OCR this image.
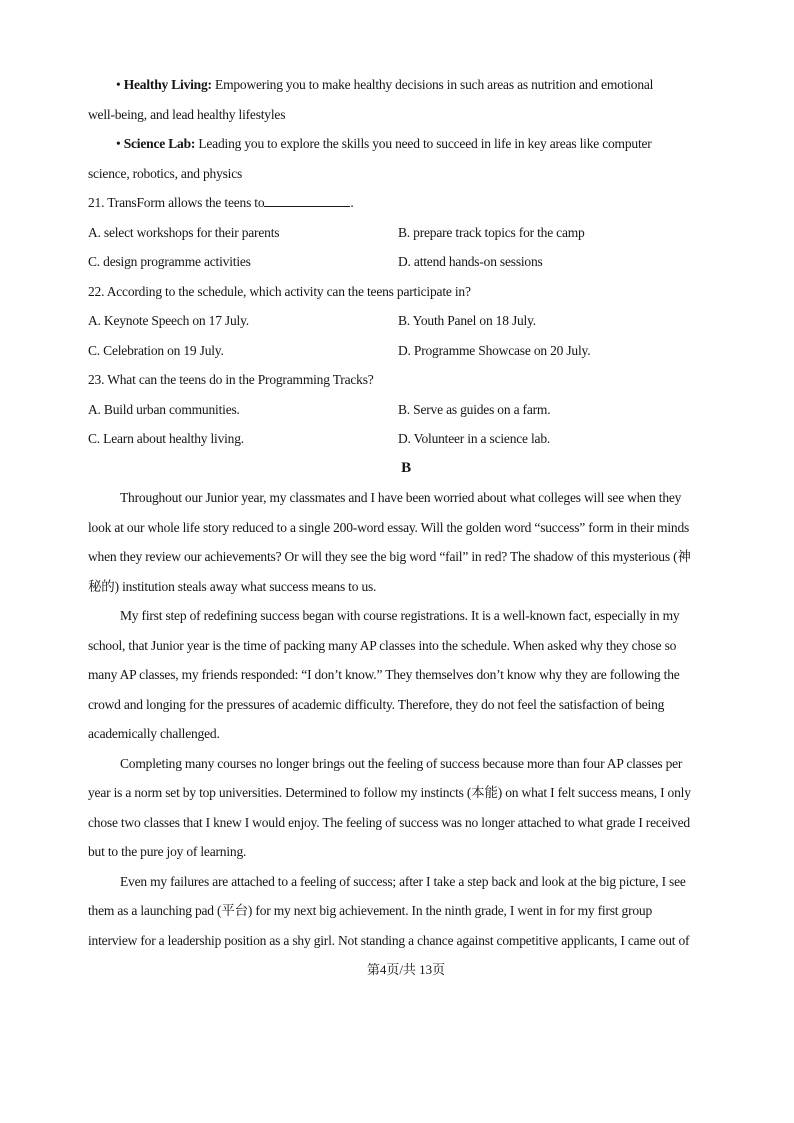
• Healthy Living: Empowering you to make healthy decisions in such areas as nutrition and emotional
well-being, and lead healthy lifestyles
• Science Lab: Leading you to explore the skills you need to succeed in life in key areas like computer
science, robotics, and physics
21. TransForm allows the teens to	.
A. select workshops for their parents	B. prepare track topics for the camp
C. design programme activities	D. attend hands-on sessions
22. According to the schedule, which activity can the teens participate in?
A. Keynote Speech on 17 July.	B. Youth Panel on 18 July.
C. Celebration on 19 July.	D. Programme Showcase on 20 July.
23. What can the teens do in the Programming Tracks?
A. Build urban communities.	B. Serve as guides on a farm.
C. Learn about healthy living.	D. Volunteer in a science lab.
B
Throughout our Junior year, my classmates and I have been worried about what colleges will see when they
look at our whole life story reduced to a single 200-word essay. Will the golden word “success” form in their minds
when they review our achievements? Or will they see the big word “fail” in red? The shadow of this mysterious (神
秘的) institution steals away what success means to us.
My first step of redefining success began with course registrations. It is a well-known fact, especially in my
school, that Junior year is the time of packing many AP classes into the schedule. When asked why they chose so
many AP classes, my friends responded: “I don’t know.” They themselves don’t know why they are following the
crowd and longing for the pressures of academic difficulty. Therefore, they do not feel the satisfaction of being
academically challenged.
Completing many courses no longer brings out the feeling of success because more than four AP classes per
year is a norm set by top universities. Determined to follow my instincts (本能) on what I felt success means, I only
chose two classes that I knew I would enjoy. The feeling of success was no longer attached to what grade I received
but to the pure joy of learning.
Even my failures are attached to a feeling of success; after I take a step back and look at the big picture, I see
them as a launching pad (平台) for my next big achievement. In the ninth grade, I went in for my first group
interview for a leadership position as a shy girl. Not standing a chance against competitive applicants, I came out of
第4页/共 13页
